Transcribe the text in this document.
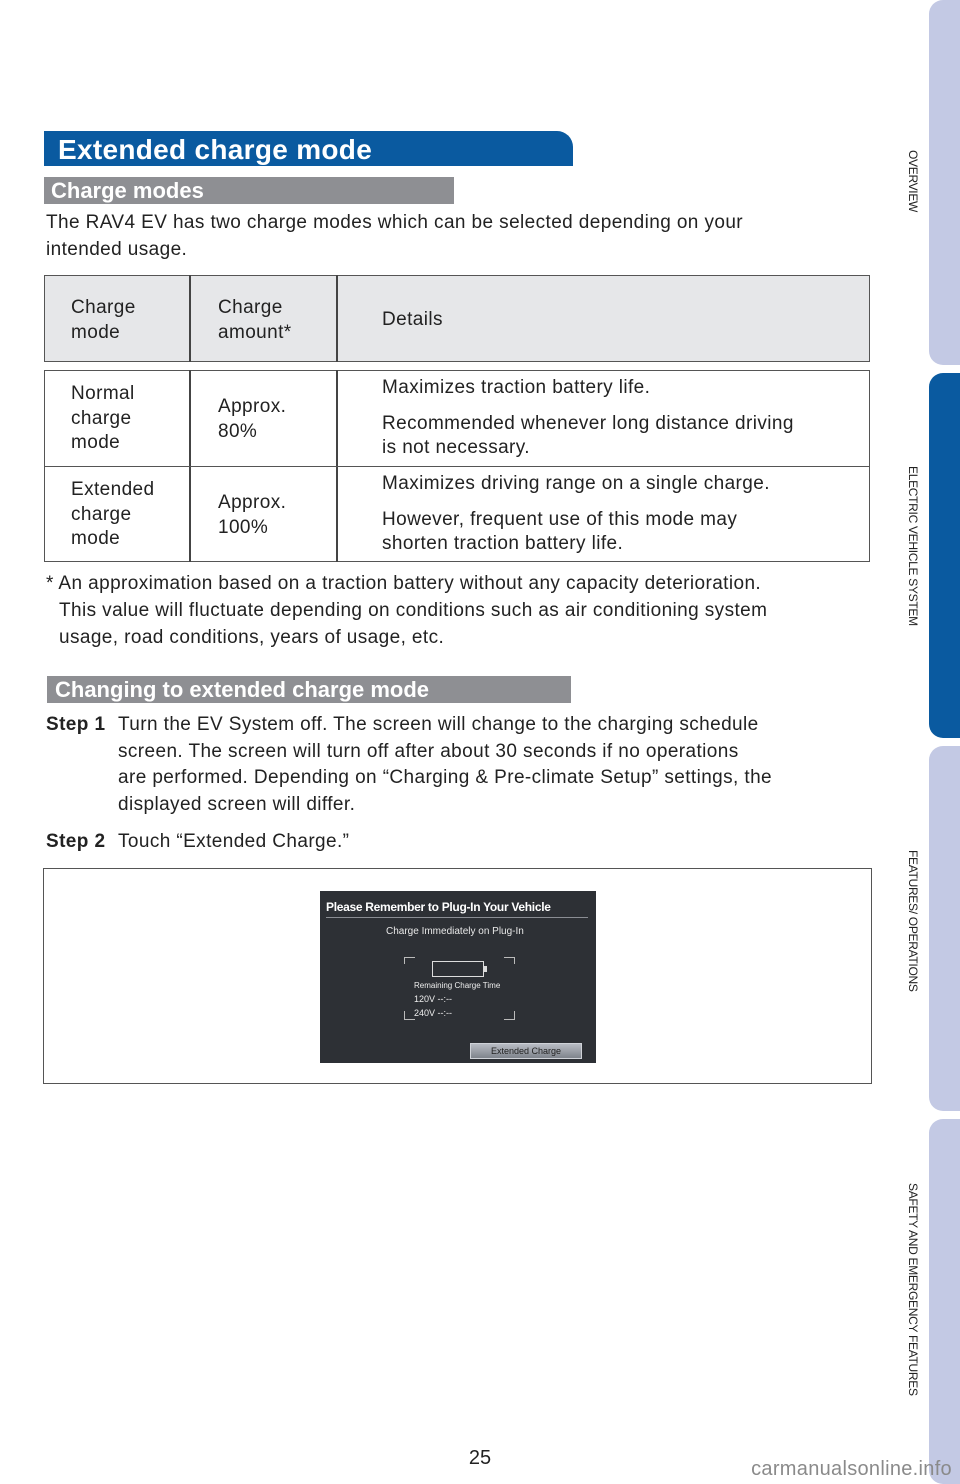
Extended charge mode
Charge modes
The RAV4 EV has two charge modes which can be selected depending on your
intended usage.
Charge
mode
Charge
amount*
Details
Normal
charge
mode
Approx.
80%
Maximizes traction battery life.
Recommended whenever long distance driving
is not necessary.
Extended
charge
mode
Approx.
100%
Maximizes driving range on a single charge.
However, frequent use of this mode may
shorten traction battery life.
* An approximation based on a traction battery without any capacity deterioration.
This value will fluctuate depending on conditions such as air conditioning system
usage, road conditions, years of usage, etc.
Changing to extended charge mode
Step 1 Turn the EV System off. The screen will change to the charging schedule
screen. The screen will turn off after about 30 seconds if no operations
are performed. Depending on “Charging & Pre-climate Setup” settings, the
displayed screen will differ.
Step 2 Touch “Extended Charge.”
Please Remember to Plug-In Your Vehicle
Charge Immediately on Plug-In
Remaining Charge Time
120V --:--
240V --:--
Extended Charge
OVERVIEW
ELECTRIC VEHICLE SYSTEM
FEATURES/ OPERATIONS
SAFETY AND EMERGENCY FEATURES
25	carmanualsonline.info
